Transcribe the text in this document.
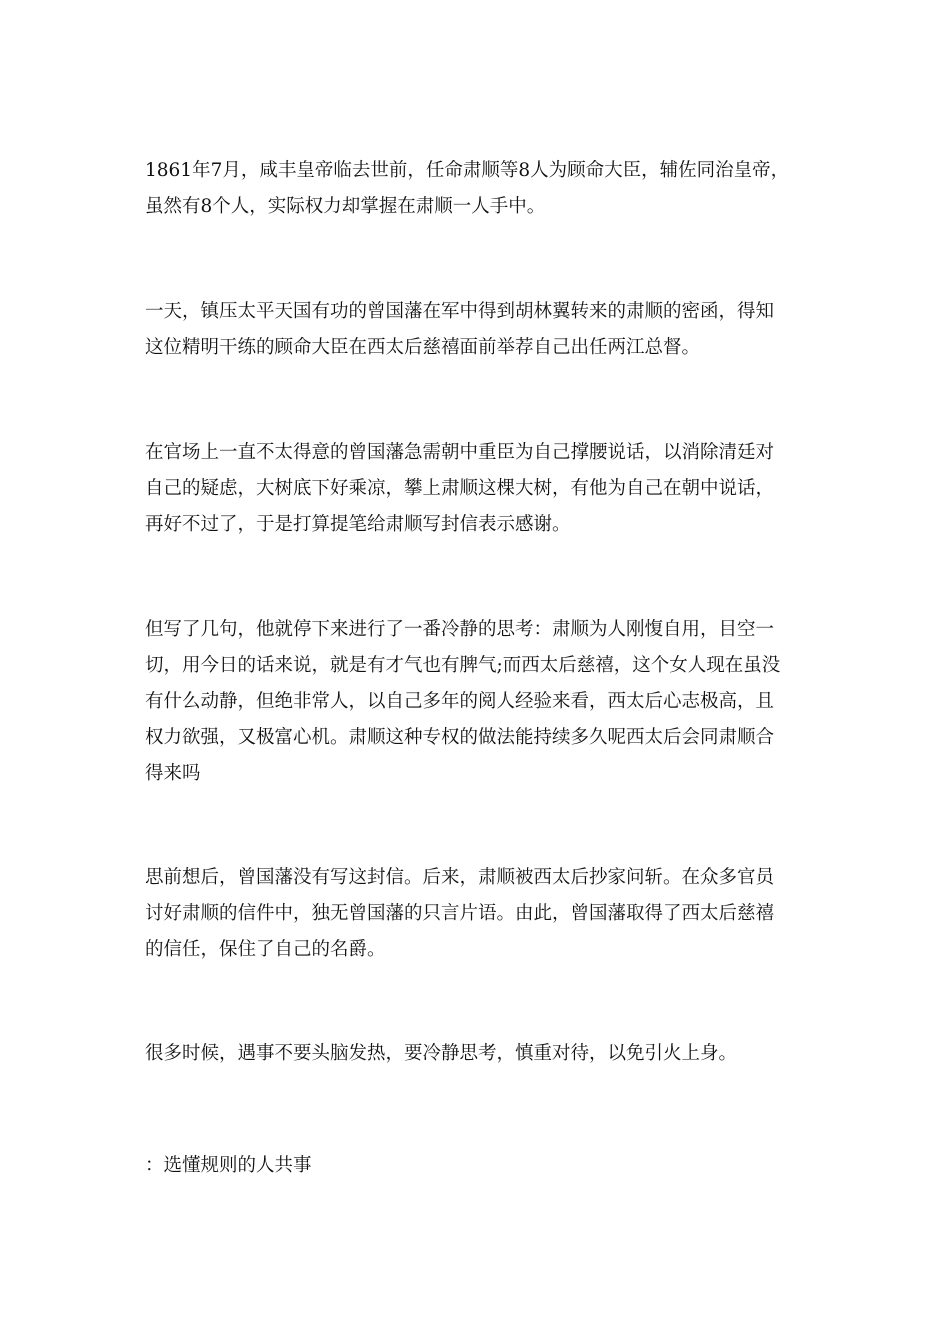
1861年7月，咸丰皇帝临去世前，任命肃顺等8人为顾命大臣，辅佐同治皇帝，
虽然有8个人，实际权力却掌握在肃顺一人手中。
一天，镇压太平天国有功的曾国藩在军中得到胡林翼转来的肃顺的密函，得知
这位精明干练的顾命大臣在西太后慈禧面前举荐自己出任两江总督。
在官场上一直不太得意的曾国藩急需朝中重臣为自己撑腰说话，以消除清廷对
自己的疑虑，大树底下好乘凉，攀上肃顺这棵大树，有他为自己在朝中说话，
再好不过了，于是打算提笔给肃顺写封信表示感谢。
但写了几句，他就停下来进行了一番冷静的思考：肃顺为人刚愎自用，目空一
切，用今日的话来说，就是有才气也有脾气;而西太后慈禧，这个女人现在虽没
有什么动静，但绝非常人，以自己多年的阅人经验来看，西太后心志极高，且
权力欲强，又极富心机。肃顺这种专权的做法能持续多久呢西太后会同肃顺合
得来吗
思前想后，曾国藩没有写这封信。后来，肃顺被西太后抄家问斩。在众多官员
讨好肃顺的信件中，独无曾国藩的只言片语。由此，曾国藩取得了西太后慈禧
的信任，保住了自己的名爵。
很多时候，遇事不要头脑发热，要冷静思考，慎重对待，以免引火上身。
：选懂规则的人共事
